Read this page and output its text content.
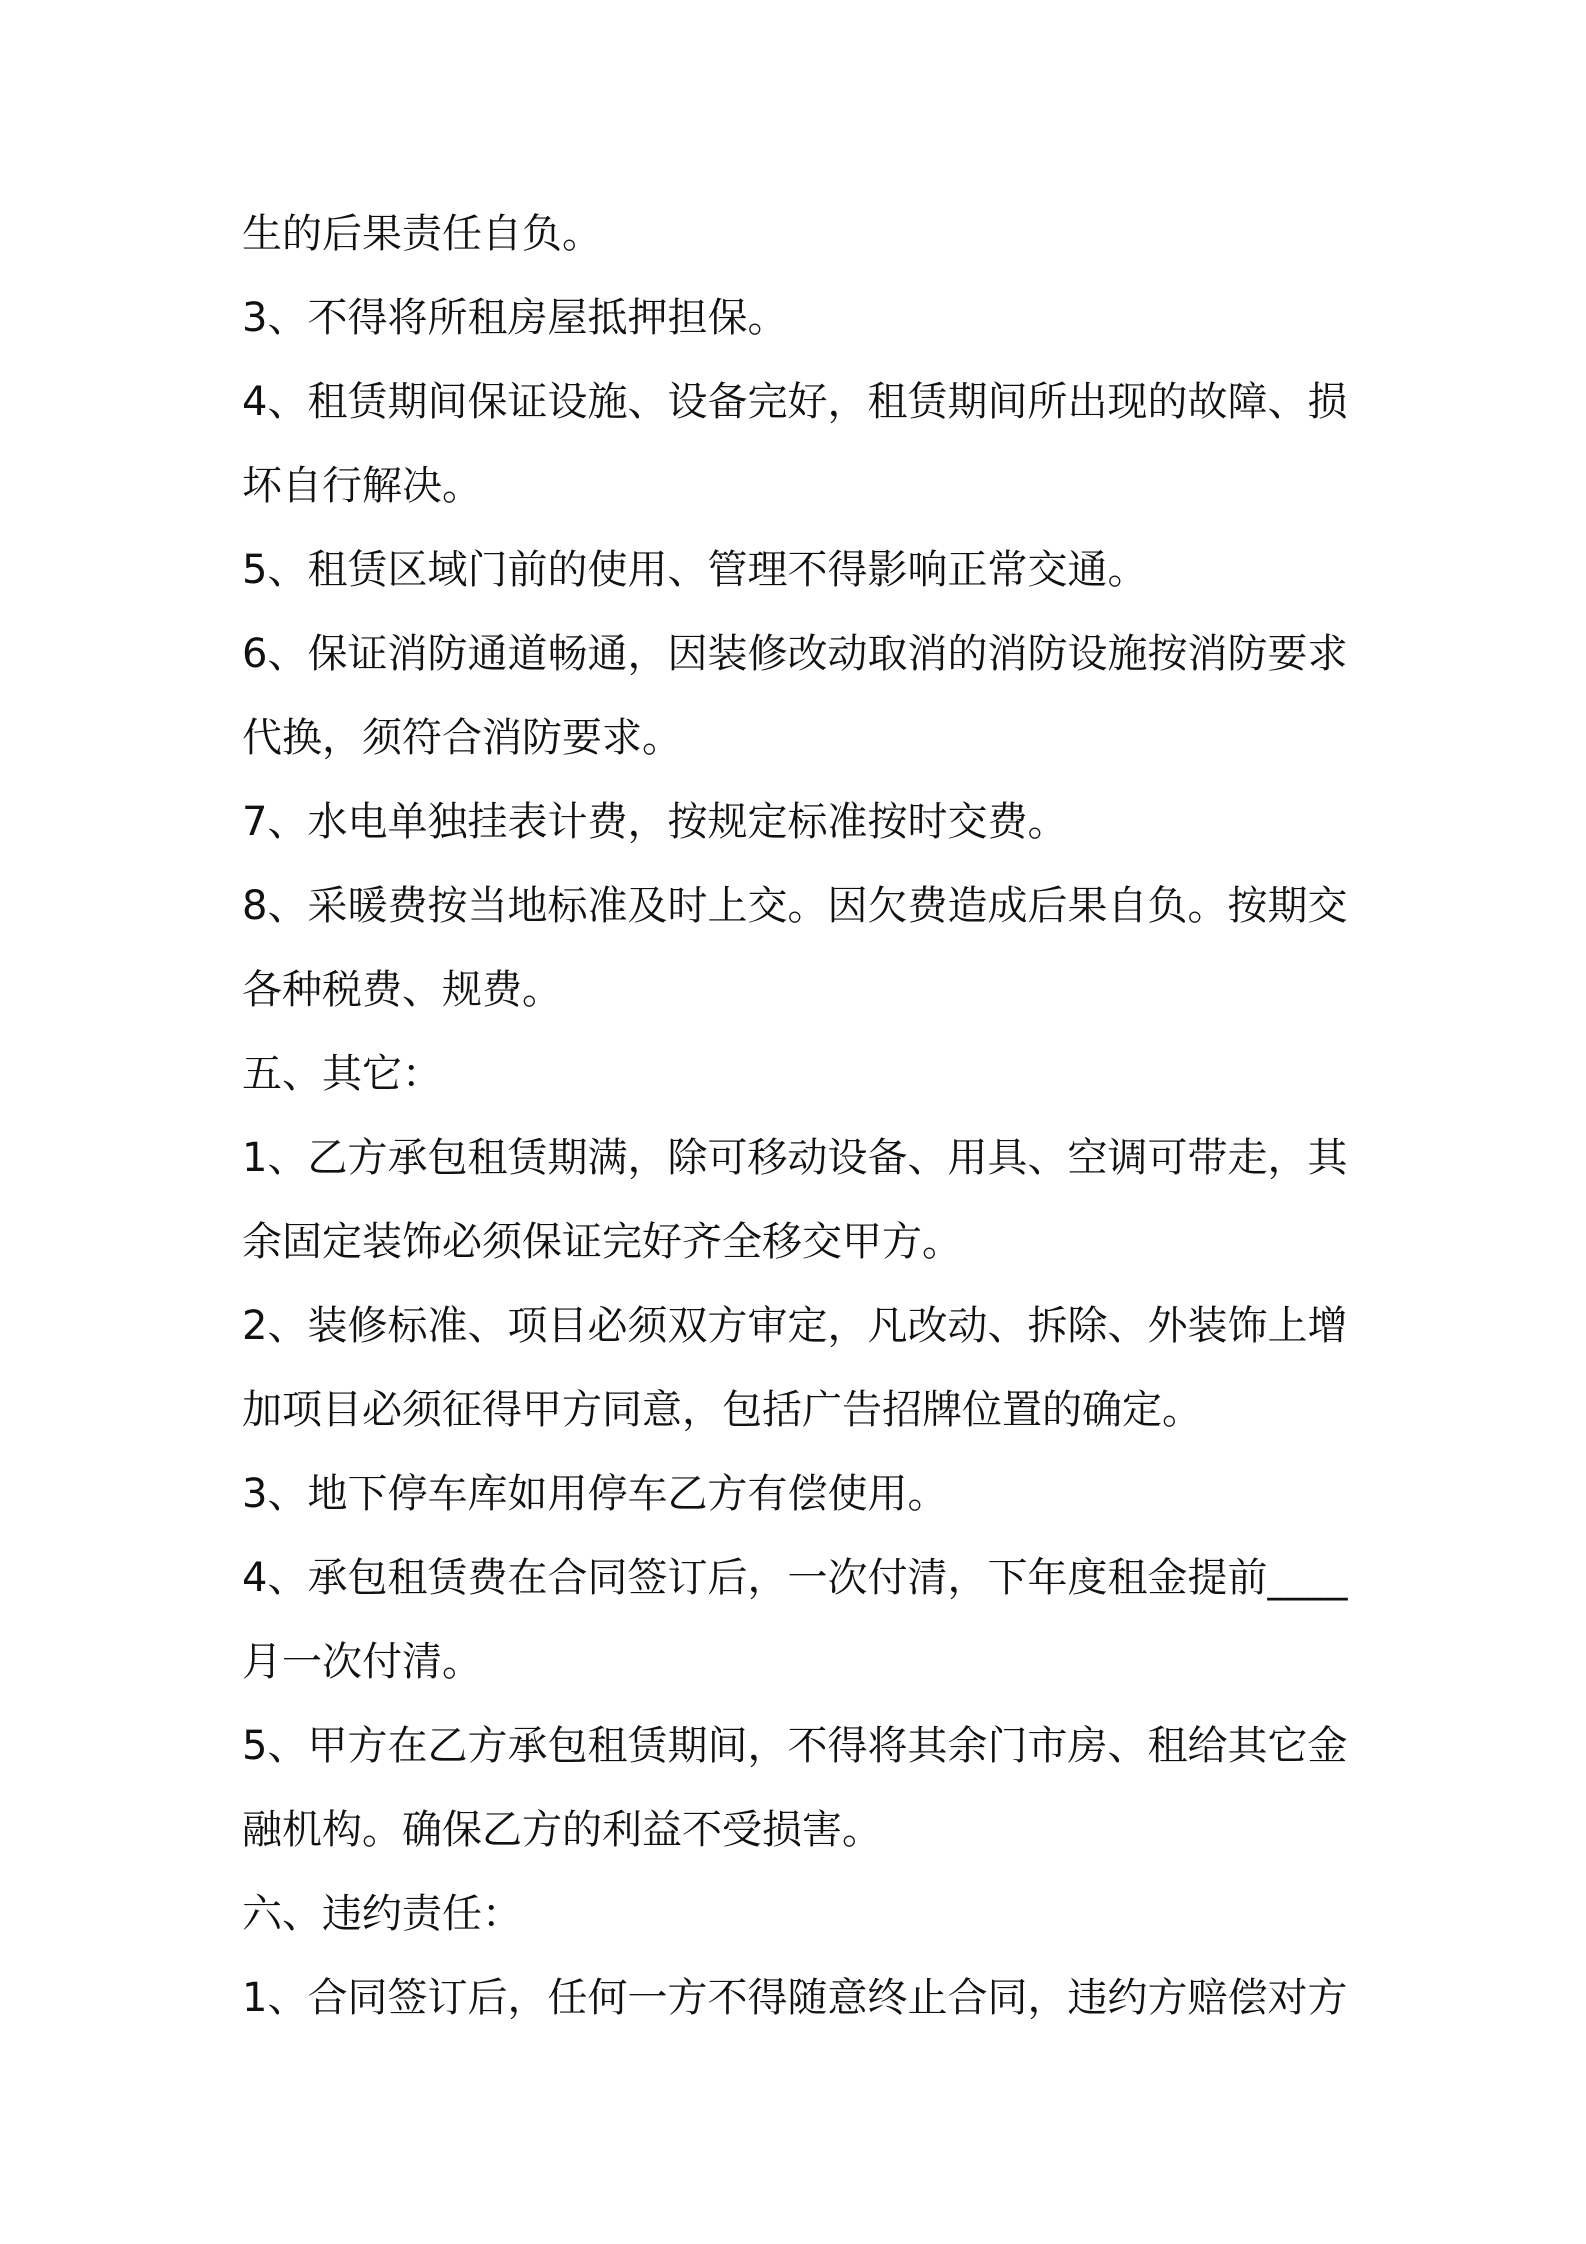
生的后果责任自负。
3、不得将所租房屋抵押担保。
4、租赁期间保证设施、设备完好，租赁期间所出现的故障、损
坏自行解决。
5、租赁区域门前的使用、管理不得影响正常交通。
6、保证消防通道畅通，因装修改动取消的消防设施按消防要求
代换，须符合消防要求。
7、水电单独挂表计费，按规定标准按时交费。
8、采暖费按当地标准及时上交。因欠费造成后果自负。按期交
各种税费、规费。
五、其它：
1、乙方承包租赁期满，除可移动设备、用具、空调可带走，其
余固定装饰必须保证完好齐全移交甲方。
2、装修标准、项目必须双方审定，凡改动、拆除、外装饰上增
加项目必须征得甲方同意，包括广告招牌位置的确定。
3、地下停车库如用停车乙方有偿使用。
4、承包租赁费在合同签订后，一次付清，下年度租金提前____
月一次付清。
5、甲方在乙方承包租赁期间，不得将其余门市房、租给其它金
融机构。确保乙方的利益不受损害。
六、违约责任：
1、合同签订后，任何一方不得随意终止合同，违约方赔偿对方
